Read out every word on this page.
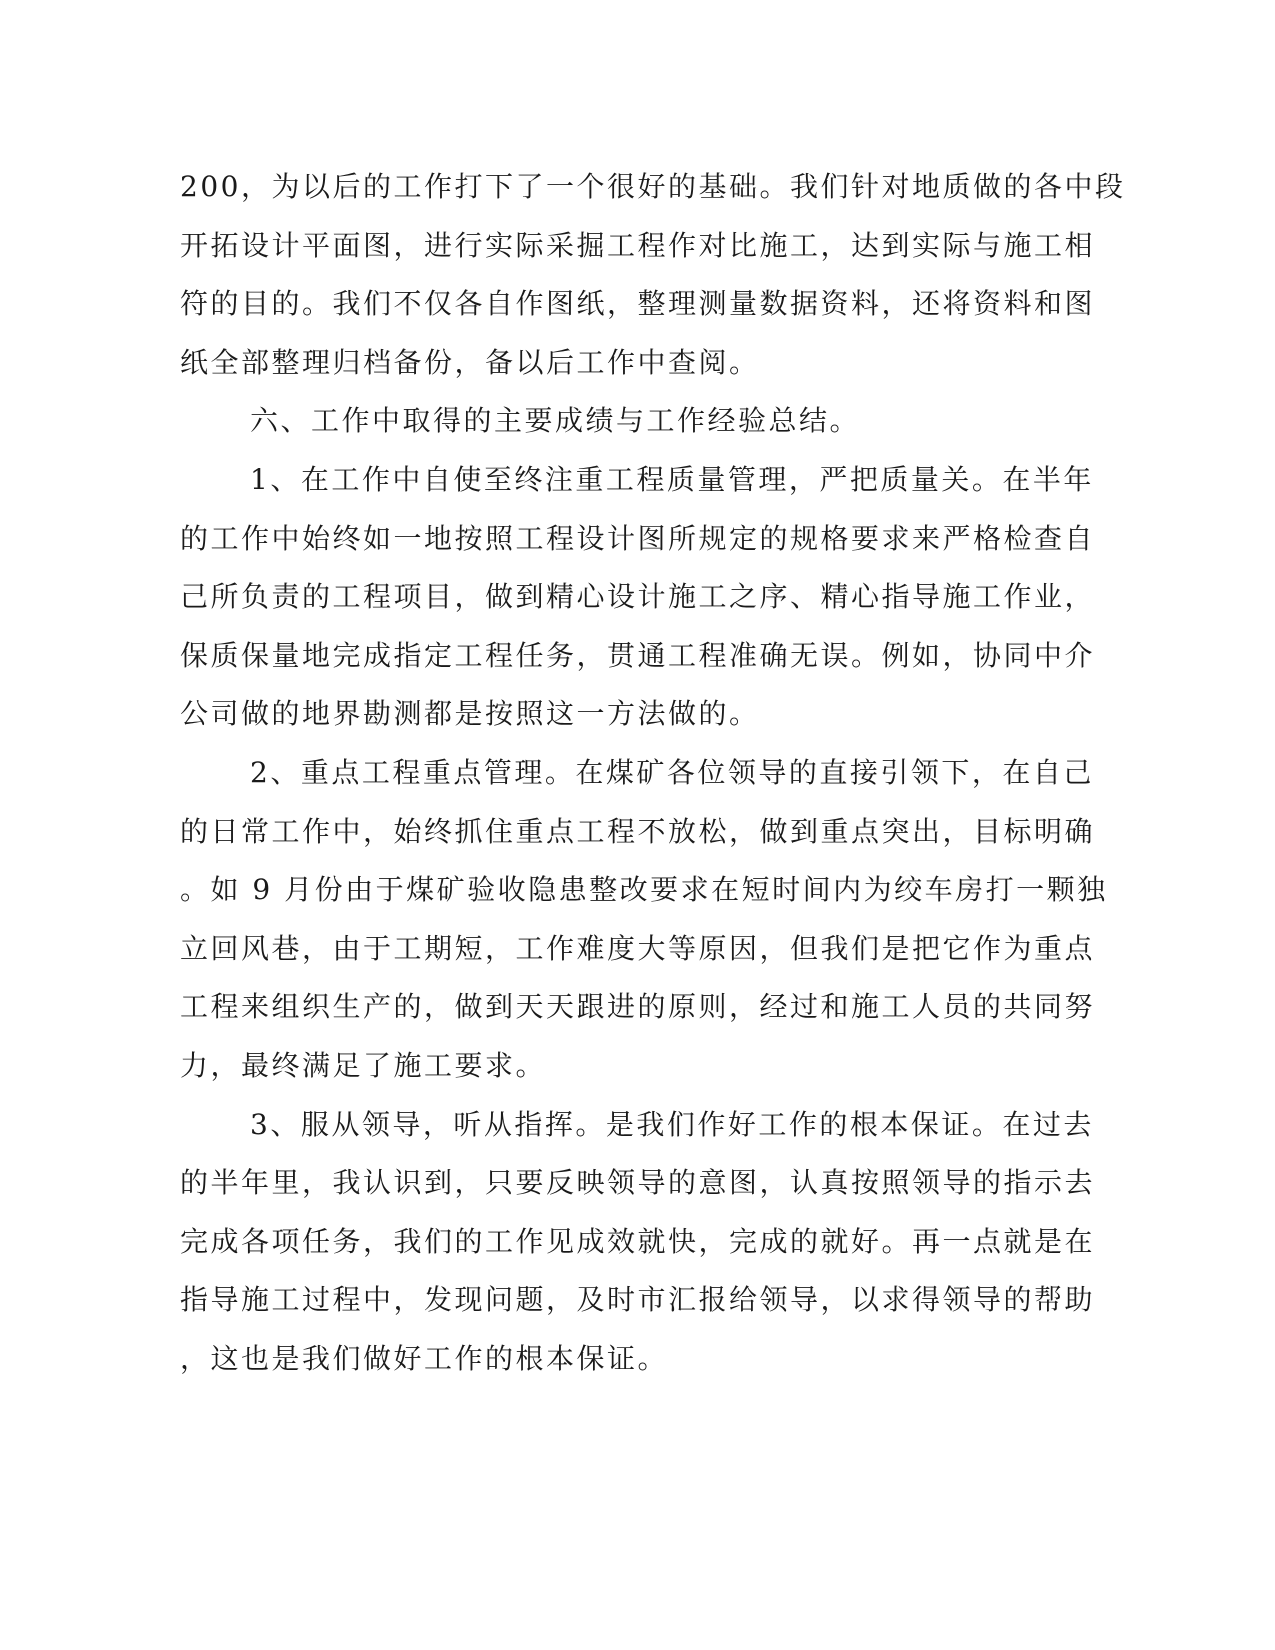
200，为以后的工作打下了一个很好的基础。我们针对地质做的各中段
开拓设计平面图，进行实际采掘工程作对比施工，达到实际与施工相
符的目的。我们不仅各自作图纸，整理测量数据资料，还将资料和图
纸全部整理归档备份，备以后工作中查阅。
六、工作中取得的主要成绩与工作经验总结。
1、在工作中自使至终注重工程质量管理，严把质量关。在半年
的工作中始终如一地按照工程设计图所规定的规格要求来严格检查自
己所负责的工程项目，做到精心设计施工之序、精心指导施工作业，
保质保量地完成指定工程任务，贯通工程准确无误。例如，协同中介
公司做的地界勘测都是按照这一方法做的。
2、重点工程重点管理。在煤矿各位领导的直接引领下，在自己
的日常工作中，始终抓住重点工程不放松，做到重点突出，目标明确
。如 9 月份由于煤矿验收隐患整改要求在短时间内为绞车房打一颗独
立回风巷，由于工期短，工作难度大等原因，但我们是把它作为重点
工程来组织生产的，做到天天跟进的原则，经过和施工人员的共同努
力，最终满足了施工要求。
3、服从领导，听从指挥。是我们作好工作的根本保证。在过去
的半年里，我认识到，只要反映领导的意图，认真按照领导的指示去
完成各项任务，我们的工作见成效就快，完成的就好。再一点就是在
指导施工过程中，发现问题，及时市汇报给领导，以求得领导的帮助
，这也是我们做好工作的根本保证。
